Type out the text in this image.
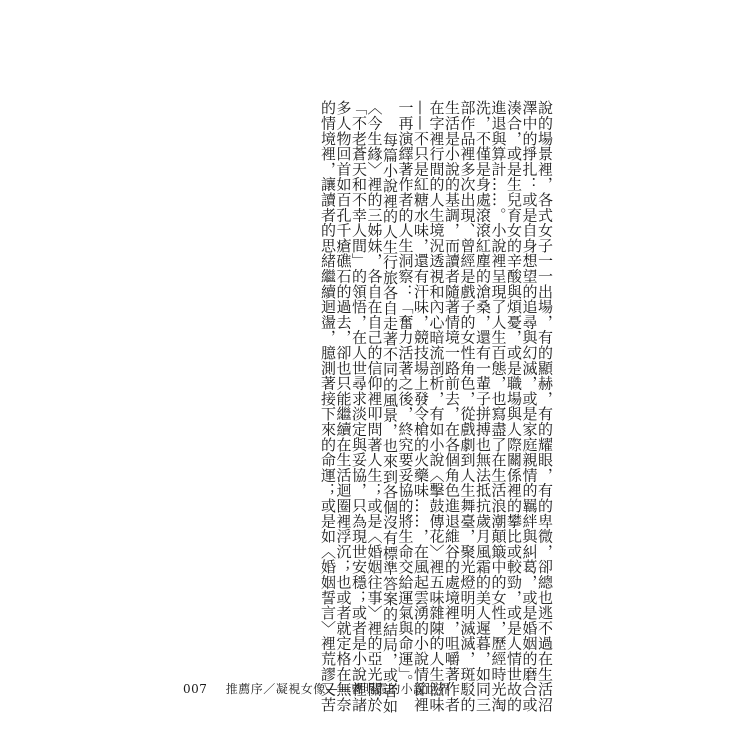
說的場景裡，各式女子一一出場，有的顯赫，有的耀眼，有的卑微，卻總也逃不過在生活沼
澤中的掙扎：或是自身想望的追尋與幻滅，或是家庭親情的羈絆與糾葛，或是婚姻的磨合或
湊合，或是生兒育女的辛酸與煩憂，或是職場與人際關係裡的攀比或較勁，或是人情世故的
進退與算計……。小說裡呈現了人生百態，也寫盡了在生活浪潮顛簸中的女性，歷經時光淘
洗，不僅是身處滾滾紅塵的滄桑，還有一輩子拼搏也無法抵抗歲月風霜的美人遲暮，如同三
部作品裡多次出現、曾經是戲子的女性角色，從戲劇到人生舞臺，聚光燈明明滅滅，斑駁的
生活是小說的基調，而讀者隨著情境一路前去，在各個角色進退維谷的處境裡，咀嚼著作者
在字裡行間的人生境況透視和內心暗流剖析，有如小說〈擊鼓傳花〉裡五味雜陳的人生滋味
——不只是紅糖水味，還有汗味，競技場上發令槍的火藥味……，在風起雲湧的小說情節裡
一再演繹著作者的人生洞察：「奮力活著之後，終究要妥協的將生命交給運氣與命運」。
每篇小說裡的人生行旅各自走著不同的風景，也來到各個沒有標準答案的結局，或者如
〈今生緣〉裡的三姊妹，各自在自己的信仰裡叩問著人生；或是〈婚姻往事〉裡的亞光關於
「不老蒼天和不幸人間」的領悟，在人世尋求淡定與妥協，只為現世安穩；或者是小說裡諸
多人物回首如百孔千瘡礁石的過去，卻也只能繼續在生活迴圈裡浮沉；也或者就定格在無奈
的情境裡，讓讀者的思緒繼續迴盪，臆測著接下來的命運；或是如〈婚姻誓言〉裡荒謬又苦
007 推薦序／凝視女像——曹明霞的小說世界
